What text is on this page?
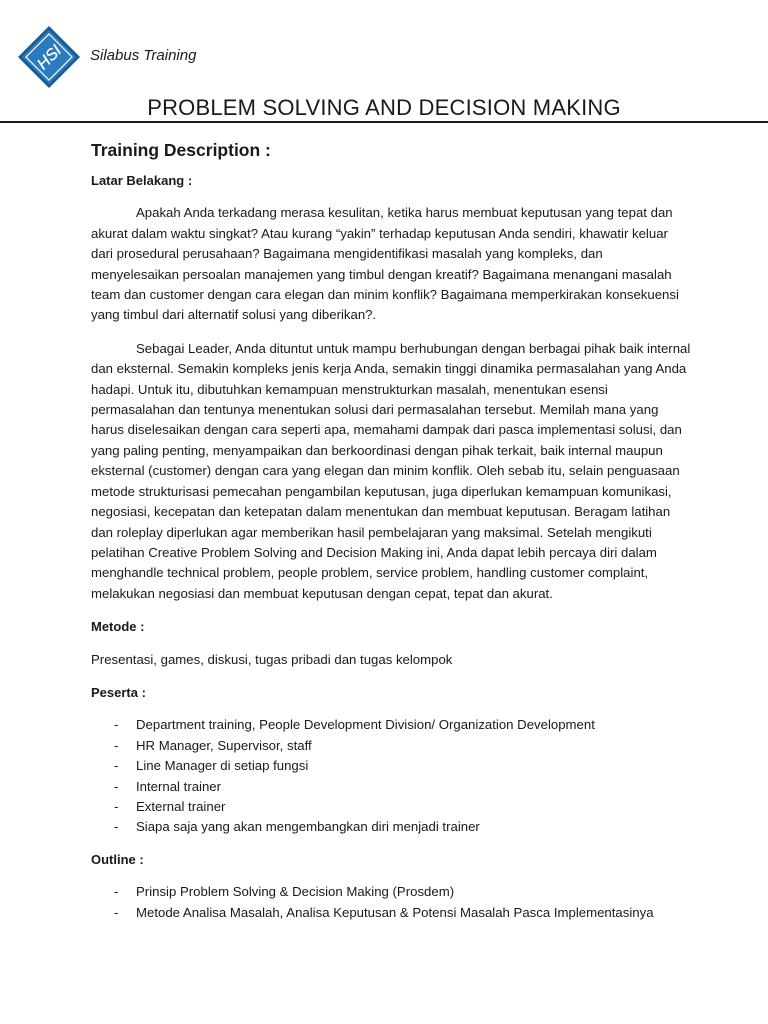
HSI Silabus Training
PROBLEM SOLVING AND DECISION MAKING
Training Description :
Latar Belakang :

Apakah Anda terkadang merasa kesulitan, ketika harus membuat keputusan yang tepat dan akurat dalam waktu singkat? Atau kurang “yakin” terhadap keputusan Anda sendiri, khawatir keluar dari prosedural perusahaan? Bagaimana mengidentifikasi masalah yang kompleks, dan menyelesaikan persoalan manajemen yang timbul dengan kreatif? Bagaimana menangani masalah team dan customer dengan cara elegan dan minim konflik? Bagaimana memperkirakan konsekuensi yang timbul dari alternatif solusi yang diberikan?.

Sebagai Leader, Anda dituntut untuk mampu berhubungan dengan berbagai pihak baik internal dan eksternal. Semakin kompleks jenis kerja Anda, semakin tinggi dinamika permasalahan yang Anda hadapi. Untuk itu, dibutuhkan kemampuan menstrukturkan masalah, menentukan esensi permasalahan dan tentunya menentukan solusi dari permasalahan tersebut. Memilah mana yang harus diselesaikan dengan cara seperti apa, memahami dampak dari pasca implementasi solusi, dan yang paling penting, menyampaikan dan berkoordinasi dengan pihak terkait, baik internal maupun eksternal (customer) dengan cara yang elegan dan minim konflik. Oleh sebab itu, selain penguasaan metode strukturisasi pemecahan pengambilan keputusan, juga diperlukan kemampuan komunikasi, negosiasi, kecepatan dan ketepatan dalam menentukan dan membuat keputusan. Beragam latihan dan roleplay diperlukan agar memberikan hasil pembelajaran yang maksimal. Setelah mengikuti pelatihan Creative Problem Solving and Decision Making ini, Anda dapat lebih percaya diri dalam menghandle technical problem, people problem, service problem, handling customer complaint, melakukan negosiasi dan membuat keputusan dengan cepat, tepat dan akurat.

Metode :

Presentasi, games, diskusi, tugas pribadi dan tugas kelompok

Peserta :
- Department training, People Development Division/ Organization Development
- HR Manager, Supervisor, staff
- Line Manager di setiap fungsi
- Internal trainer
- External trainer
- Siapa saja yang akan mengembangkan diri menjadi trainer
Outline :
- Prinsip Problem Solving & Decision Making (Prosdem)
- Metode Analisa Masalah, Analisa Keputusan & Potensi Masalah Pasca Implementasinya
